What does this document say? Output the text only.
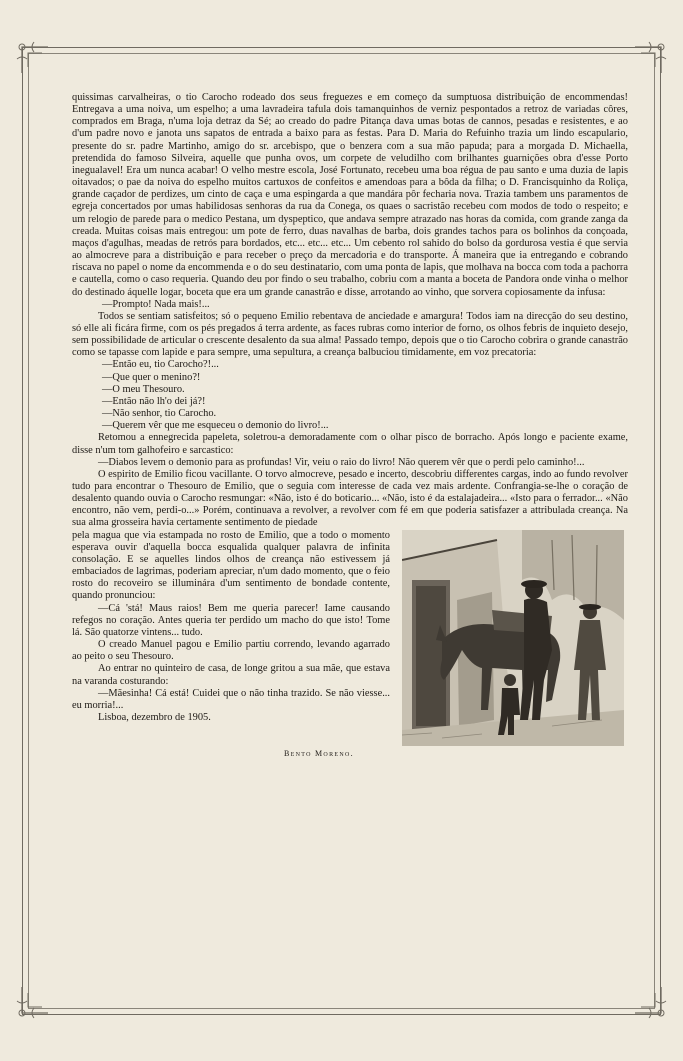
quissimas carvalheiras, o tio Carocho rodeado dos seus freguezes e em começo da sumptuosa distribuição de encommendas! Entregava a uma noiva, um espelho; a uma lavradeira tafula dois tamanquinhos de verniz pespontados a retroz de variadas côres, comprados em Braga, n'uma loja detraz da Sé; ao creado do padre Pitança dava umas botas de cannos, pesadas e resistentes, e ao d'um padre novo e janota uns sapatos de entrada a baixo para as festas. Para D. Maria do Refuinho trazia um lindo escapulario, presente do sr. padre Martinho, amigo do sr. arcebispo, que o benzera com a sua mão papuda; para a morgada D. Michaella, pretendida do famoso Silveira, aquelle que punha ovos, um corpete de veludilho com brilhantes guarnições obra d'esse Porto inegualavel! Era um nunca acabar! O velho mestre escola, José Fortunato, recebeu uma boa régua de pau santo e uma duzia de lapis oitavados; o pae da noiva do espelho muitos cartuxos de confeitos e amendoas para a bôda da filha; o D. Francisquinho da Roliça, grande caçador de perdizes, um cinto de caça e uma espingarda a que mandára pôr fecharia nova. Trazia tambem uns paramentos de egreja concertados por umas habilidosas senhoras da rua da Conega, os quaes o sacristão recebeu com modos de todo o respeito; e um relogio de parede para o medico Pestana, um dyspeptico, que andava sempre atrazado nas horas da comida, com grande zanga da creada. Muitas coisas mais entregou: um pote de ferro, duas navalhas de barba, dois grandes tachos para os bolinhos da conçoada, maços d'agulhas, meadas de retrós para bordados, etc... etc... etc... Um cebento rol sahido do bolso da gordurosa vestia é que servia ao almocreve para a distribuição e para receber o preço da mercadoria e do transporte. Á maneira que ia entregando e cobrando riscava no papel o nome da encommenda e o do seu destinatario, com uma ponta de lapis, que molhava na bocca com toda a pachorra e cautella, como o caso requeria. Quando deu por findo o seu trabalho, cobriu com a manta a boceta de Pandora onde vinha o melhor do destinado áquelle logar, boceta que era um grande canastrão e disse, arrotando ao vinho, que sorvera copiosamente da infusa:

—Prompto! Nada mais!...

Todos se sentiam satisfeitos; só o pequeno Emilio rebentava de anciedade e amargura! Todos iam na direcção do seu destino, só elle ali ficára firme, com os pés pregados á terra ardente, as faces rubras como interior de forno, os olhos febris de inquieto desejo, sem possibilidade de articular o crescente desalento da sua alma! Passado tempo, depois que o tio Carocho cobrira o grande canastrão como se tapasse com lapide e para sempre, uma sepultura, a creança balbuciou timidamente, em voz precatoria:

—Então eu, tio Carocho?!...

—Que quer o menino?!

—O meu Thesouro.

—Então não lh'o dei já?!

—Não senhor, tio Carocho.

—Querem vêr que me esqueceu o demonio do livro!...

Retomou a ennegrecida papeleta, soletrou-a demoradamente com o olhar pisco de borracho. Após longo e paciente exame, disse n'um tom galhofeiro e sarcastico:

—Diabos levem o demonio para as profundas! Vir, veiu o raio do livro! Não querem vêr que o perdi pelo caminho!...

O espirito de Emilio ficou vacillante. O torvo almocreve, pesado e incerto, descobriu differentes cargas, indo ao fundo revolver tudo para encontrar o Thesouro de Emilio, que o seguia com interesse de cada vez mais ardente. Confrangia-se-lhe o coração de desalento quando ouvia o Carocho resmungar: «Não, isto é do boticario... «Não, isto é da estalajadeira... «Isto para o ferrador... «Não encontro, não vem, perdi-o...» Porém, continuava a revolver, a revolver com fé em que poderia satisfazer a attribulada creança. Na sua alma grosseira havia certamente sentimento de piedade

pela magua que via estampada no rosto de Emilio, que a todo o momento esperava ouvir d'aquella bocca esqualida qualquer palavra de infinita consolação. E se aquelles lindos olhos de creança não estivessem já embaciados de lagrimas, poderiam apreciar, n'um dado momento, que o feio rosto do recoveiro se illuminára d'um sentimento de bondade contente, quando pronunciou:

—Cá 'stá! Maus raios! Bem me queria parecer! Iame causando refegos no coração. Antes queria ter perdido um macho do que isto! Tome lá. São quatorze vintens... tudo.

O creado Manuel pagou e Emilio partiu correndo, levando agarrado ao peito o seu Thesouro.

Ao entrar no quinteiro de casa, de longe gritou a sua mãe, que estava na varanda costurando:

—Mãesinha! Cá está! Cuidei que o não tinha trazido. Se não viesse... eu morria!...

Lisboa, dezembro de 1905.

Bento Moreno.
